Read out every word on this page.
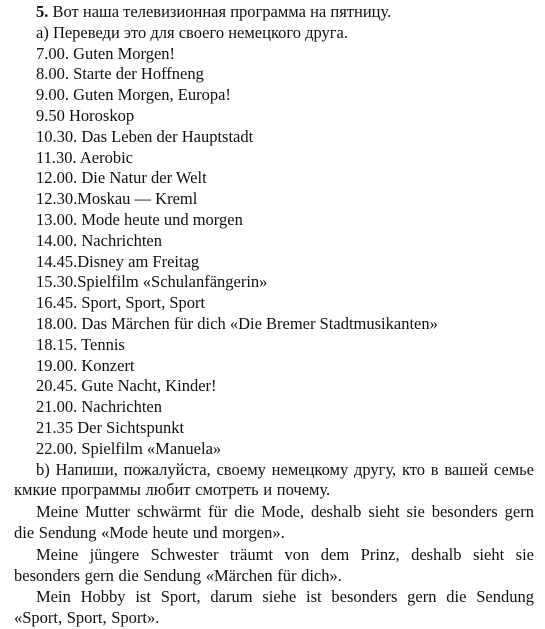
5. Вот наша телевизионная программа на пятницу.
а) Переведи это для своего немецкого друга.
7.00. Guten Morgen!
8.00. Starte der Hoffneng
9.00. Guten Morgen, Europa!
9.50 Horoskop
10.30. Das Leben der Hauptstadt
11.30. Aerobic
12.00. Die Natur der Welt
12.30.Moskau — Kreml
13.00. Mode heute und morgen
14.00. Nachrichten
14.45.Disney am Freitag
15.30.Spielfilm «Schulanfängerin»
16.45. Sport, Sport, Sport
18.00. Das Märchen für dich «Die Bremer Stadtmusikanten»
18.15. Tennis
19.00. Konzert
20.45. Gute Nacht, Kinder!
21.00. Nachrichten
21.35 Der Sichtspunkt
22.00. Spielfilm «Manuela»

b) Напиши, пожалуйста, своему немецкому другу, кто в вашей семье кмкие программы любит смотреть и почему.

Meine Mutter schwärmt für die Mode, deshalb sieht sie besonders gern die Sendung «Mode heute und morgen».

Meine jüngere Schwester träumt von dem Prinz, deshalb sieht sie besonders gern die Sendung «Märchen für dich».

Mein Hobby ist Sport, darum siehe ist besonders gern die Sendung «Sport, Sport, Sport».
